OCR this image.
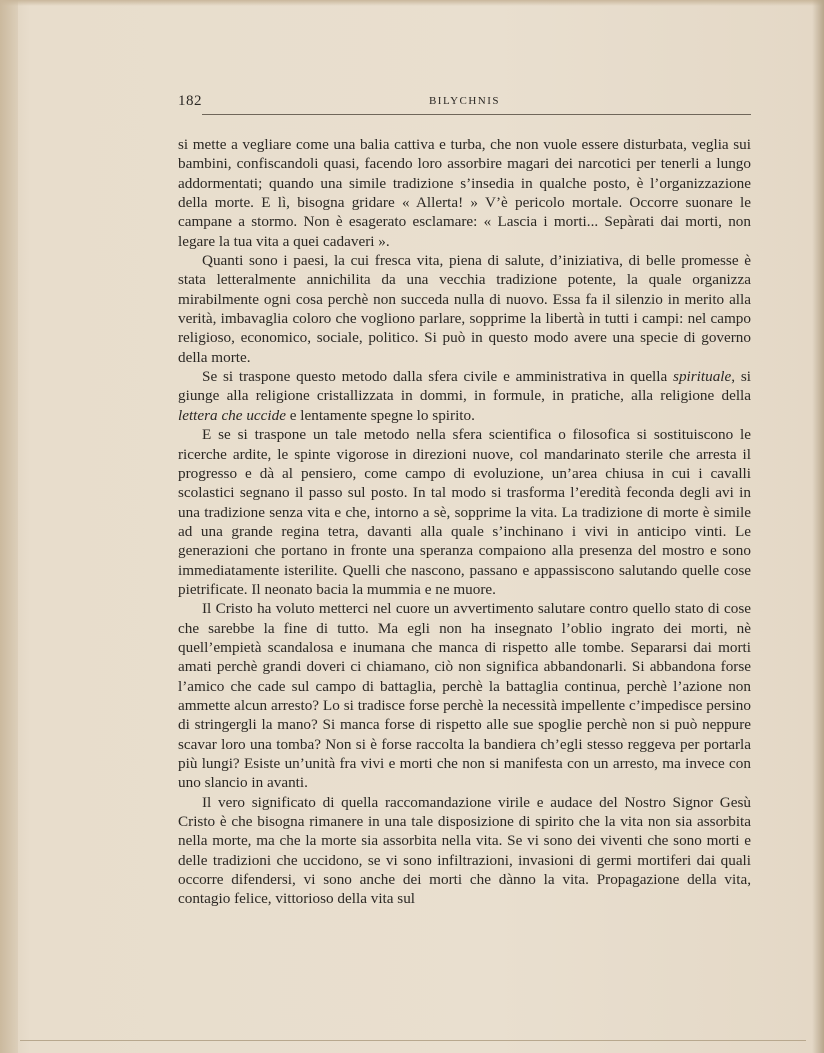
182	BILYCHNIS

si mette a vegliare come una balia cattiva e turba, che non vuole essere disturbata, veglia sui bambini, confiscandoli quasi, facendo loro assorbire magari dei narcotici per tenerli a lungo addormentati; quando una simile tradizione s’insedia in qualche posto, è l’organizzazione della morte. E lì, bisogna gridare « Allerta! » V’è pericolo mortale. Occorre suonare le campane a stormo. Non è esagerato esclamare: « Lascia i morti... Sepàrati dai morti, non legare la tua vita a quei cadaveri ».

Quanti sono i paesi, la cui fresca vita, piena di salute, d’iniziativa, di belle promesse è stata letteralmente annichilita da una vecchia tradizione potente, la quale organizza mirabilmente ogni cosa perchè non succeda nulla di nuovo. Essa fa il silenzio in merito alla verità, imbavaglia coloro che vogliono parlare, sopprime la libertà in tutti i campi: nel campo religioso, economico, sociale, politico. Si può in questo modo avere una specie di governo della morte.

Se si traspone questo metodo dalla sfera civile e amministrativa in quella spirituale, si giunge alla religione cristallizzata in dommi, in formule, in pratiche, alla religione della lettera che uccide e lentamente spegne lo spirito.

E se si traspone un tale metodo nella sfera scientifica o filosofica si sostituiscono le ricerche ardite, le spinte vigorose in direzioni nuove, col mandarinato sterile che arresta il progresso e dà al pensiero, come campo di evoluzione, un’area chiusa in cui i cavalli scolastici segnano il passo sul posto. In tal modo si trasforma l’eredità feconda degli avi in una tradizione senza vita e che, intorno a sè, sopprime la vita. La tradizione di morte è simile ad una grande regina tetra, davanti alla quale s’inchinano i vivi in anticipo vinti. Le generazioni che portano in fronte una speranza compaiono alla presenza del mostro e sono immediatamente isterilite. Quelli che nascono, passano e appassiscono salutando quelle cose pietrificate. Il neonato bacia la mummia e ne muore.

Il Cristo ha voluto metterci nel cuore un avvertimento salutare contro quello stato di cose che sarebbe la fine di tutto. Ma egli non ha insegnato l’oblio ingrato dei morti, nè quell’empietà scandalosa e inumana che manca di rispetto alle tombe. Separarsi dai morti amati perchè grandi doveri ci chiamano, ciò non significa abbandonarli. Si abbandona forse l’amico che cade sul campo di battaglia, perchè la battaglia continua, perchè l’azione non ammette alcun arresto? Lo si tradisce forse perchè la necessità impellente c’impedisce persino di stringergli la mano? Si manca forse di rispetto alle sue spoglie perchè non si può neppure scavar loro una tomba? Non si è forse raccolta la bandiera ch’egli stesso reggeva per portarla più lungi? Esiste un’unità fra vivi e morti che non si manifesta con un arresto, ma invece con uno slancio in avanti.

Il vero significato di quella raccomandazione virile e audace del Nostro Signor Gesù Cristo è che bisogna rimanere in una tale disposizione di spirito che la vita non sia assorbita nella morte, ma che la morte sia assorbita nella vita. Se vi sono dei viventi che sono morti e delle tradizioni che uccidono, se vi sono infiltrazioni, invasioni di germi mortiferi dai quali occorre difendersi, vi sono anche dei morti che dànno la vita. Propagazione della vita, contagio felice, vittorioso della vita sul
